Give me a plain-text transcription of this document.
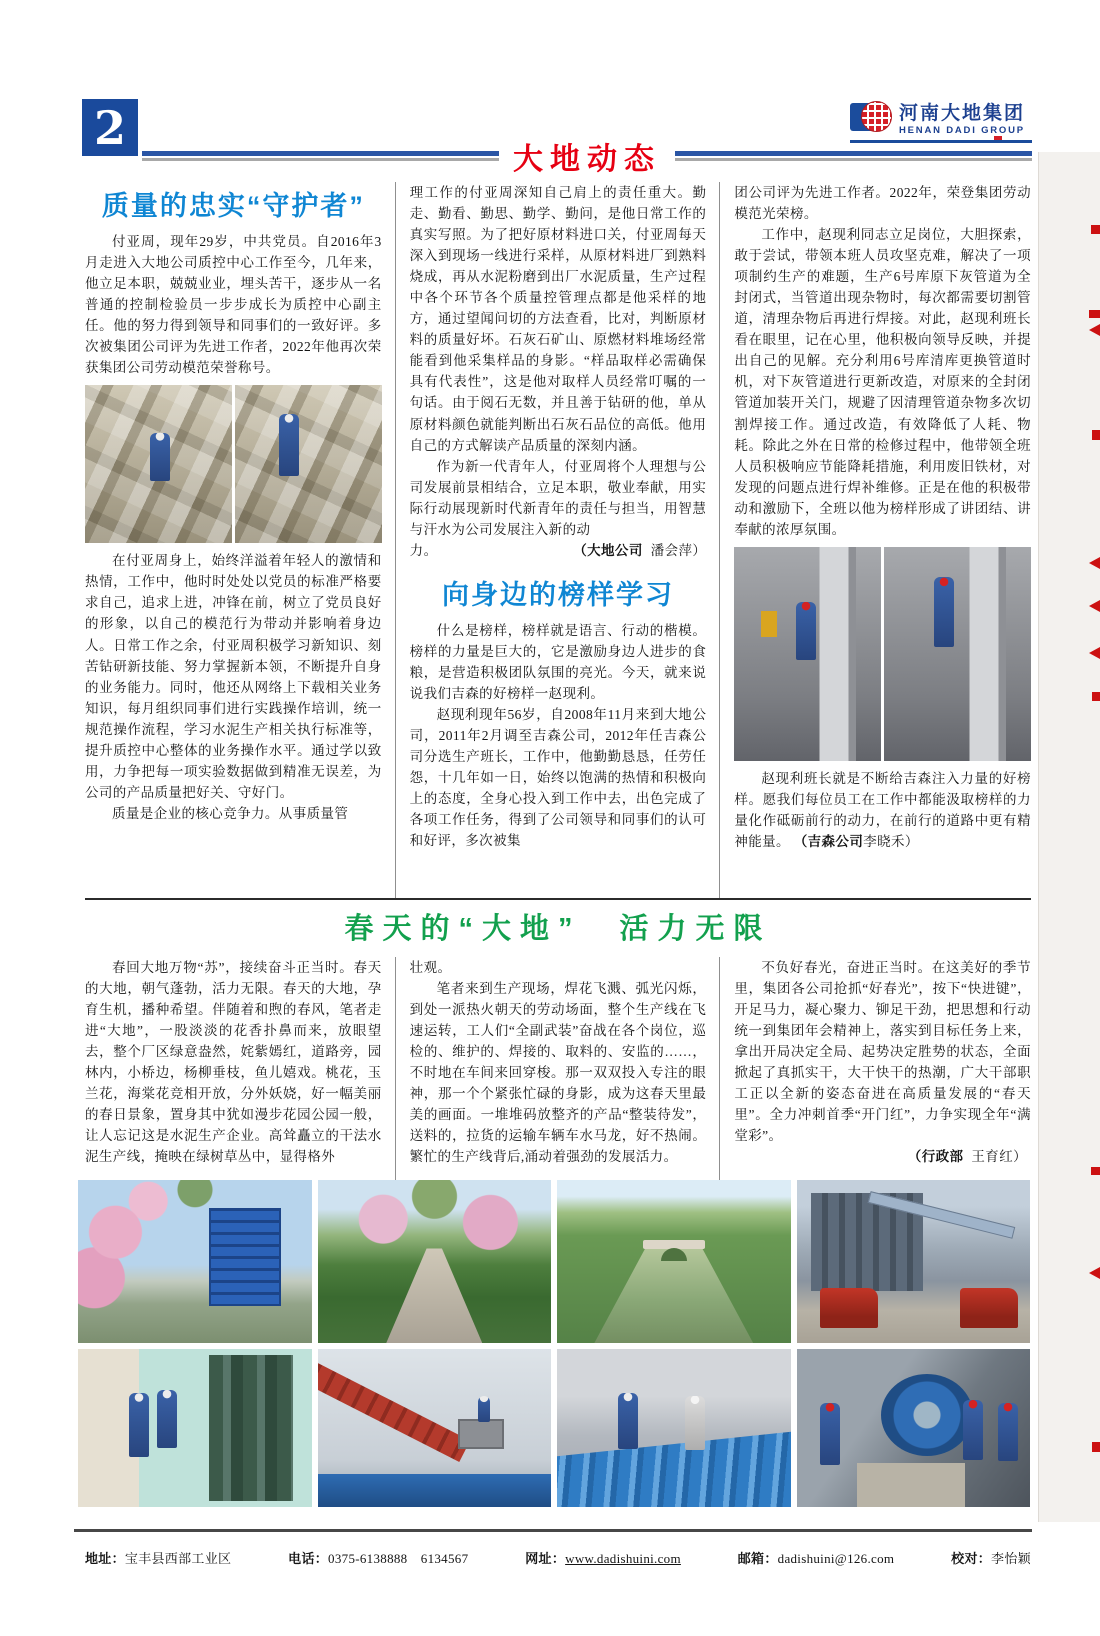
2	河南大地集团
HENAN DADI GROUP
大地动态
质量的忠实“守护者”
付亚周，现年29岁，中共党员。自2016年3月走进入大地公司质控中心工作至今，几年来，他立足本职，兢兢业业，埋头苦干，逐步从一名普通的控制检验员一步步成长为质控中心副主任。他的努力得到领导和同事们的一致好评。多次被集团公司评为先进工作者，2022年他再次荣获集团公司劳动模范荣誉称号。
在付亚周身上，始终洋溢着年轻人的激情和热情，工作中，他时时处处以党员的标准严格要求自己，追求上进，冲锋在前，树立了党员良好的形象，以自己的模范行为带动并影响着身边人。日常工作之余，付亚周积极学习新知识、刻苦钻研新技能、努力掌握新本领，不断提升自身的业务能力。同时，他还从网络上下载相关业务知识，每月组织同事们进行实践操作培训，统一规范操作流程，学习水泥生产相关执行标准等，提升质控中心整体的业务操作水平。通过学以致用，力争把每一项实验数据做到精准无误差，为公司的产品质量把好关、守好门。
质量是企业的核心竞争力。从事质量管
理工作的付亚周深知自己肩上的责任重大。勤走、勤看、勤思、勤学、勤问，是他日常工作的真实写照。为了把好原材料进口关，付亚周每天深入到现场一线进行采样，从原材料进厂到熟料烧成，再从水泥粉磨到出厂水泥质量，生产过程中各个环节各个质量控管理点都是他采样的地方，通过望闻问切的方法查看，比对，判断原材料的质量好坏。石灰石矿山、原燃材料堆场经常能看到他采集样品的身影。“样品取样必需确保具有代表性”，这是他对取样人员经常叮嘱的一句话。由于阅石无数，并且善于钻研的他，单从原材料颜色就能判断出石灰石品位的高低。他用自己的方式解读产品质量的深刻内涵。
作为新一代青年人，付亚周将个人理想与公司发展前景相结合，立足本职，敬业奉献，用实际行动展现新时代新青年的责任与担当，用智慧与汗水为公司发展注入新的动
力。	（大地公司 潘会萍）
向身边的榜样学习
什么是榜样，榜样就是语言、行动的楷模。榜样的力量是巨大的，它是激励身边人进步的食粮，是营造积极团队氛围的亮光。今天，就来说说我们吉森的好榜样一赵现利。
赵现利现年56岁，自2008年11月来到大地公司，2011年2月调至吉森公司，2012年任吉森公司分选生产班长，工作中，他勤勤恳恳，任劳任怨，十几年如一日，始终以饱满的热情和积极向上的态度，全身心投入到工作中去，出色完成了各项工作任务，得到了公司领导和同事们的认可和好评，多次被集
团公司评为先进工作者。2022年，荣登集团劳动模范光荣榜。
工作中，赵现利同志立足岗位，大胆探索，敢于尝试，带领本班人员攻坚克难，解决了一项项制约生产的难题，生产6号库原下灰管道为全封闭式，当管道出现杂物时，每次都需要切割管道，清理杂物后再进行焊接。对此，赵现利班长看在眼里，记在心里，他积极向领导反映，并提出自己的见解。充分利用6号库清库更换管道时机，对下灰管道进行更新改造，对原来的全封闭管道加装开关门，规避了因清理管道杂物多次切割焊接工作。通过改造，有效降低了人耗、物耗。除此之外在日常的检修过程中，他带领全班人员积极响应节能降耗措施，利用废旧铁材，对发现的问题点进行焊补维修。正是在他的积极带动和激励下，全班以他为榜样形成了讲团结、讲奉献的浓厚氛围。
赵现利班长就是不断给吉森注入力量的好榜样。愿我们每位员工在工作中都能汲取榜样的力量化作砥砺前行的动力，在前行的道路中更有精神能量。 （吉森公司李晓禾）
春天的“大地”　活力无限
春回大地万物“苏”，接续奋斗正当时。春天的大地，朝气蓬勃，活力无限。春天的大地，孕育生机，播种希望。伴随着和煦的春风，笔者走进“大地”，一股淡淡的花香扑鼻而来，放眼望去，整个厂区绿意盎然，姹紫嫣红，道路旁，园林内，小桥边，杨柳垂枝，鱼儿嬉戏。桃花，玉兰花，海棠花竞相开放，分外妖娆，好一幅美丽的春日景象，置身其中犹如漫步花园公园一般，让人忘记这是水泥生产企业。高耸矗立的干法水泥生产线，掩映在绿树草丛中，显得格外
壮观。
笔者来到生产现场，焊花飞溅、弧光闪烁，到处一派热火朝天的劳动场面，整个生产线在飞速运转，工人们“全副武装”奋战在各个岗位，巡检的、维护的、焊接的、取料的、安监的……，不时地在车间来回穿梭。那一双双投入专注的眼神，那一个个紧张忙碌的身影，成为这春天里最美的画面。一堆堆码放整齐的产品“整装待发”，送料的，拉货的运输车辆车水马龙，好不热闹。繁忙的生产线背后,涌动着强劲的发展活力。
不负好春光，奋进正当时。在这美好的季节里，集团各公司抢抓“好春光”，按下“快进键”，开足马力，凝心聚力、铆足干劲，把思想和行动统一到集团年会精神上，落实到目标任务上来，拿出开局决定全局、起势决定胜势的状态，全面掀起了真抓实干，大干快干的热潮，广大干部职工正以全新的姿态奋进在高质量发展的“春天里”。全力冲刺首季“开门红”，力争实现全年“满堂彩”。
（行政部 王育红）
地址：宝丰县西部工业区	电话：0375-6138888　6134567	网址：www.dadishuini.com	邮箱：dadishuini@126.com	校对：李怡颖
